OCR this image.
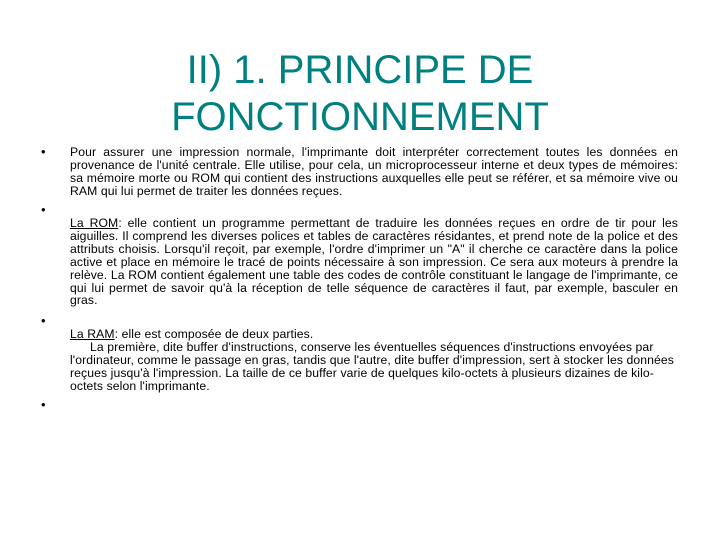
II) 1. PRINCIPE DE
FONCTIONNEMENT
• Pour assurer une impression normale, l'imprimante doit interpréter correctement toutes les données en provenance de l'unité centrale. Elle utilise, pour cela, un microprocesseur interne et deux types de mémoires: sa mémoire morte ou ROM qui contient des instructions auxquelles elle peut se référer, et sa mémoire vive ou RAM qui lui permet de traiter les données reçues.

•

La ROM: elle contient un programme permettant de traduire les données reçues en ordre de tir pour les aiguilles. Il comprend les diverses polices et tables de caractères résidantes, et prend note de la police et des attributs choisis. Lorsqu'il reçoit, par exemple, l'ordre d'imprimer un "A" il cherche ce caractère dans la police active et place en mémoire le tracé de points nécessaire à son impression. Ce sera aux moteurs à prendre la relève. La ROM contient également une table des codes de contrôle constituant le langage de l'imprimante, ce qui lui permet de savoir qu'à la réception de telle séquence de caractères il faut, par exemple, basculer en gras.

•

La RAM: elle est composée de deux parties.
La première, dite buffer d'instructions, conserve les éventuelles séquences d'instructions envoyées par l'ordinateur, comme le passage en gras, tandis que l'autre, dite buffer d'impression, sert à stocker les données reçues jusqu'à l'impression. La taille de ce buffer varie de quelques kilo-octets à plusieurs dizaines de kilo-octets selon l'imprimante.

•
